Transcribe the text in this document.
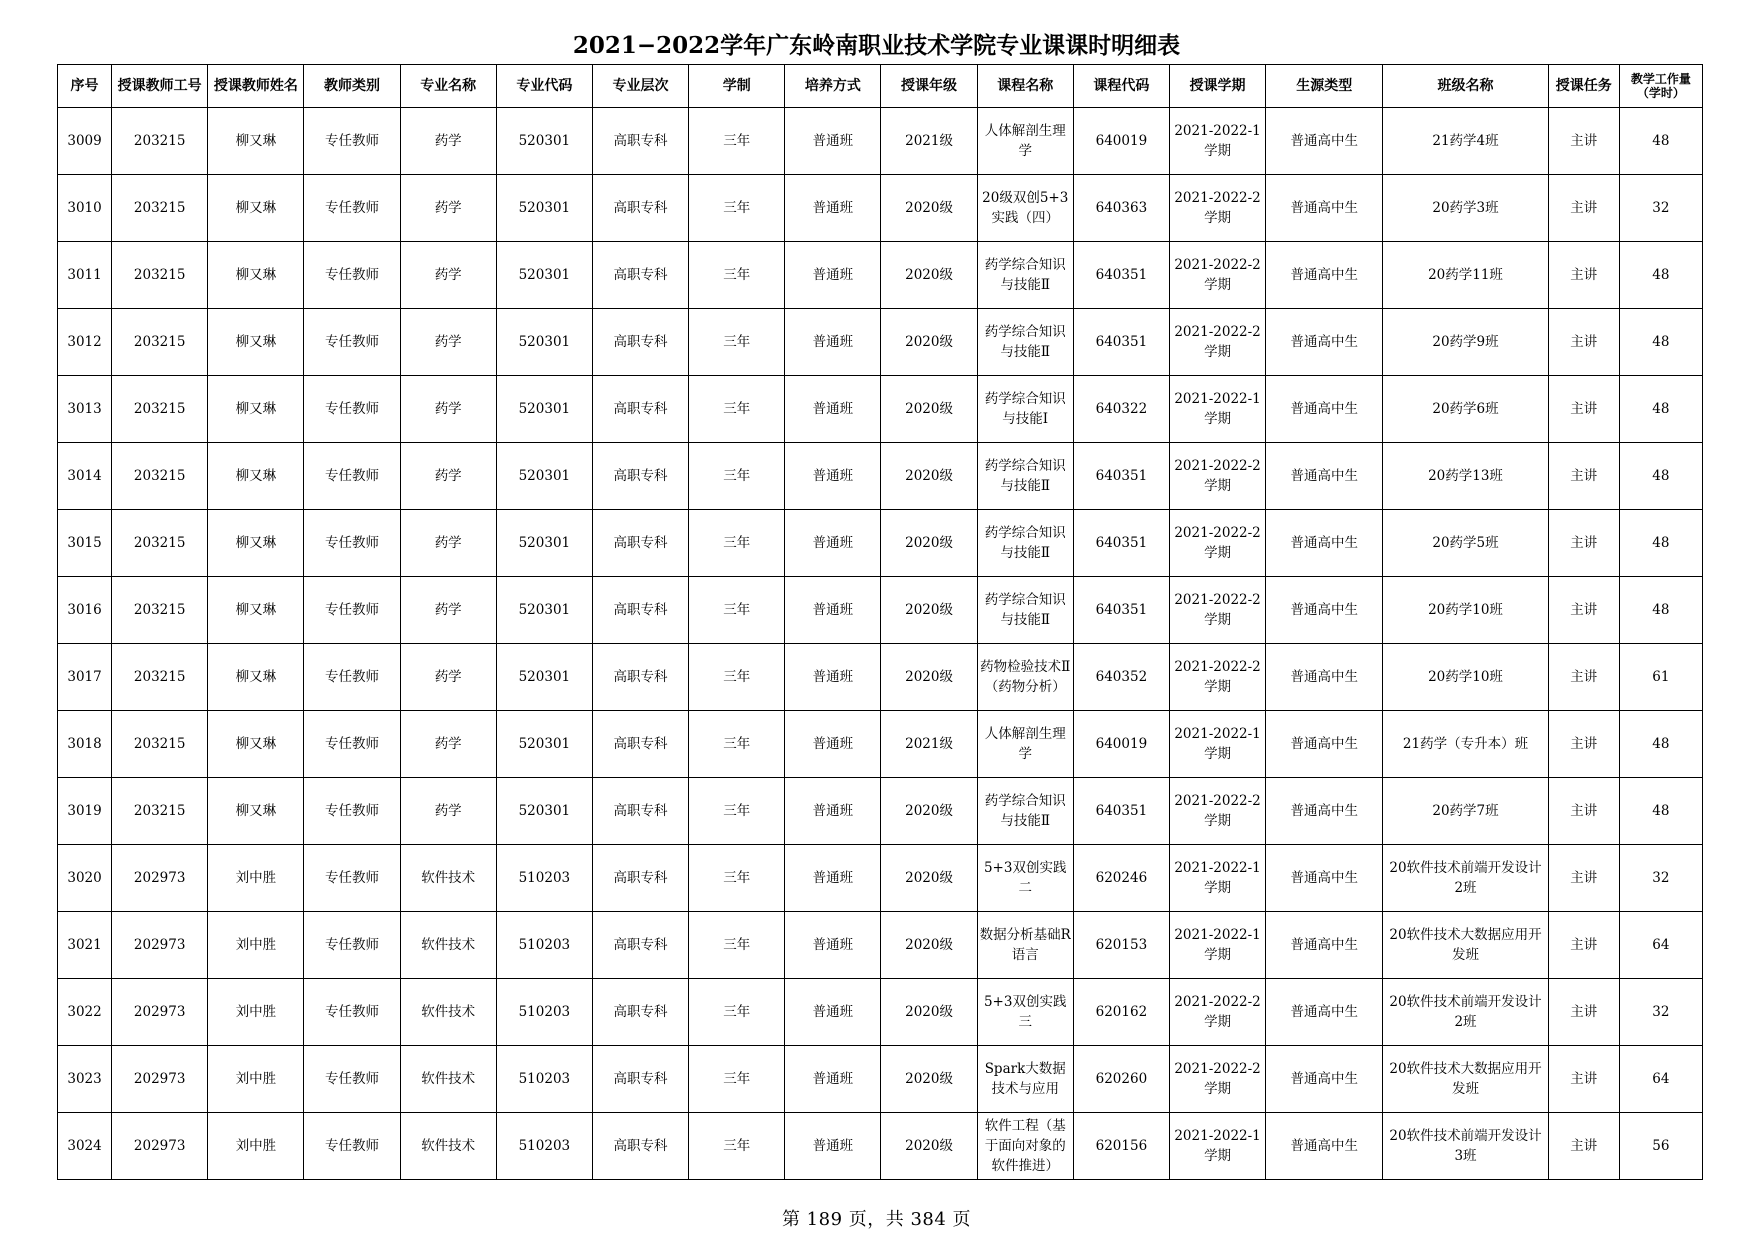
2021−2022学年广东岭南职业技术学院专业课课时明细表
序号	授课教师工号	授课教师姓名	教师类别	专业名称	专业代码	专业层次	学制	培养方式	授课年级	课程名称	课程代码	授课学期	生源类型	班级名称	授课任务	教学工作量（学时）

3009	203215	柳又琳	专任教师	药学	520301	高职专科	三年	普通班	2021级	人体解剖生理学	640019	2021-2022-1学期	普通高中生	21药学4班	主讲	48

3010	203215	柳又琳	专任教师	药学	520301	高职专科	三年	普通班	2020级	20级双创5+3实践（四）	640363	2021-2022-2学期	普通高中生	20药学3班	主讲	32

3011	203215	柳又琳	专任教师	药学	520301	高职专科	三年	普通班	2020级	药学综合知识与技能Ⅱ	640351	2021-2022-2学期	普通高中生	20药学11班	主讲	48

3012	203215	柳又琳	专任教师	药学	520301	高职专科	三年	普通班	2020级	药学综合知识与技能Ⅱ	640351	2021-2022-2学期	普通高中生	20药学9班	主讲	48

3013	203215	柳又琳	专任教师	药学	520301	高职专科	三年	普通班	2020级	药学综合知识与技能Ⅰ	640322	2021-2022-1学期	普通高中生	20药学6班	主讲	48

3014	203215	柳又琳	专任教师	药学	520301	高职专科	三年	普通班	2020级	药学综合知识与技能Ⅱ	640351	2021-2022-2学期	普通高中生	20药学13班	主讲	48

3015	203215	柳又琳	专任教师	药学	520301	高职专科	三年	普通班	2020级	药学综合知识与技能Ⅱ	640351	2021-2022-2学期	普通高中生	20药学5班	主讲	48

3016	203215	柳又琳	专任教师	药学	520301	高职专科	三年	普通班	2020级	药学综合知识与技能Ⅱ	640351	2021-2022-2学期	普通高中生	20药学10班	主讲	48

3017	203215	柳又琳	专任教师	药学	520301	高职专科	三年	普通班	2020级	药物检验技术Ⅱ（药物分析）	640352	2021-2022-2学期	普通高中生	20药学10班	主讲	61

3018	203215	柳又琳	专任教师	药学	520301	高职专科	三年	普通班	2021级	人体解剖生理学	640019	2021-2022-1学期	普通高中生	21药学（专升本）班	主讲	48

3019	203215	柳又琳	专任教师	药学	520301	高职专科	三年	普通班	2020级	药学综合知识与技能Ⅱ	640351	2021-2022-2学期	普通高中生	20药学7班	主讲	48

3020	202973	刘中胜	专任教师	软件技术	510203	高职专科	三年	普通班	2020级	5+3双创实践二	620246	2021-2022-1学期	普通高中生	20软件技术前端开发设计2班	主讲	32

3021	202973	刘中胜	专任教师	软件技术	510203	高职专科	三年	普通班	2020级	数据分析基础R语言	620153	2021-2022-1学期	普通高中生	20软件技术大数据应用开发班	主讲	64

3022	202973	刘中胜	专任教师	软件技术	510203	高职专科	三年	普通班	2020级	5+3双创实践三	620162	2021-2022-2学期	普通高中生	20软件技术前端开发设计2班	主讲	32

3023	202973	刘中胜	专任教师	软件技术	510203	高职专科	三年	普通班	2020级	Spark大数据技术与应用	620260	2021-2022-2学期	普通高中生	20软件技术大数据应用开发班	主讲	64

3024	202973	刘中胜	专任教师	软件技术	510203	高职专科	三年	普通班	2020级	软件工程（基于面向对象的软件推进）	620156	2021-2022-1学期	普通高中生	20软件技术前端开发设计3班	主讲	56
第 189 页，共 384 页
